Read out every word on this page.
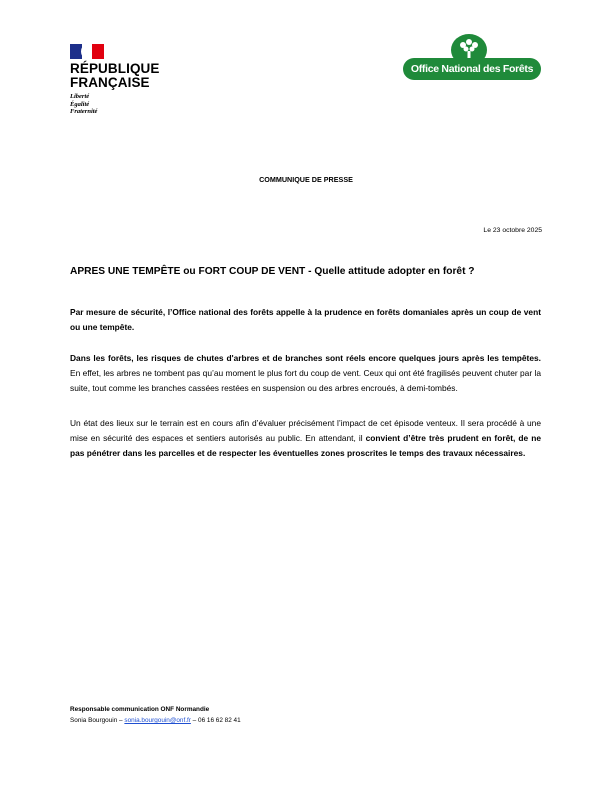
RÉPUBLIQUE
FRANÇAISE
Liberté
Égalité
Fraternité
Office National des Forêts
COMMUNIQUE DE PRESSE
Le 23 octobre 2025
APRES UNE TEMPÊTE ou FORT COUP DE VENT - Quelle attitude adopter en forêt ?
Par mesure de sécurité, l’Office national des forêts appelle à la prudence en forêts domaniales après un coup de vent ou une tempête.
Dans les forêts, les risques de chutes d'arbres et de branches sont réels encore quelques jours après les tempêtes. En effet, les arbres ne tombent pas qu’au moment le plus fort du coup de vent. Ceux qui ont été fragilisés peuvent chuter par la suite, tout comme les branches cassées restées en suspension ou des arbres encroués, à demi-tombés.
Un état des lieux sur le terrain est en cours afin d’évaluer précisément l’impact de cet épisode venteux. Il sera procédé à une mise en sécurité des espaces et sentiers autorisés au public. En attendant, il convient d’être très prudent en forêt, de ne pas pénétrer dans les parcelles et de respecter les éventuelles zones proscrites le temps des travaux nécessaires.
Responsable communication ONF Normandie
Sonia Bourgouin – sonia.bourgouin@onf.fr – 06 16 62 82 41
